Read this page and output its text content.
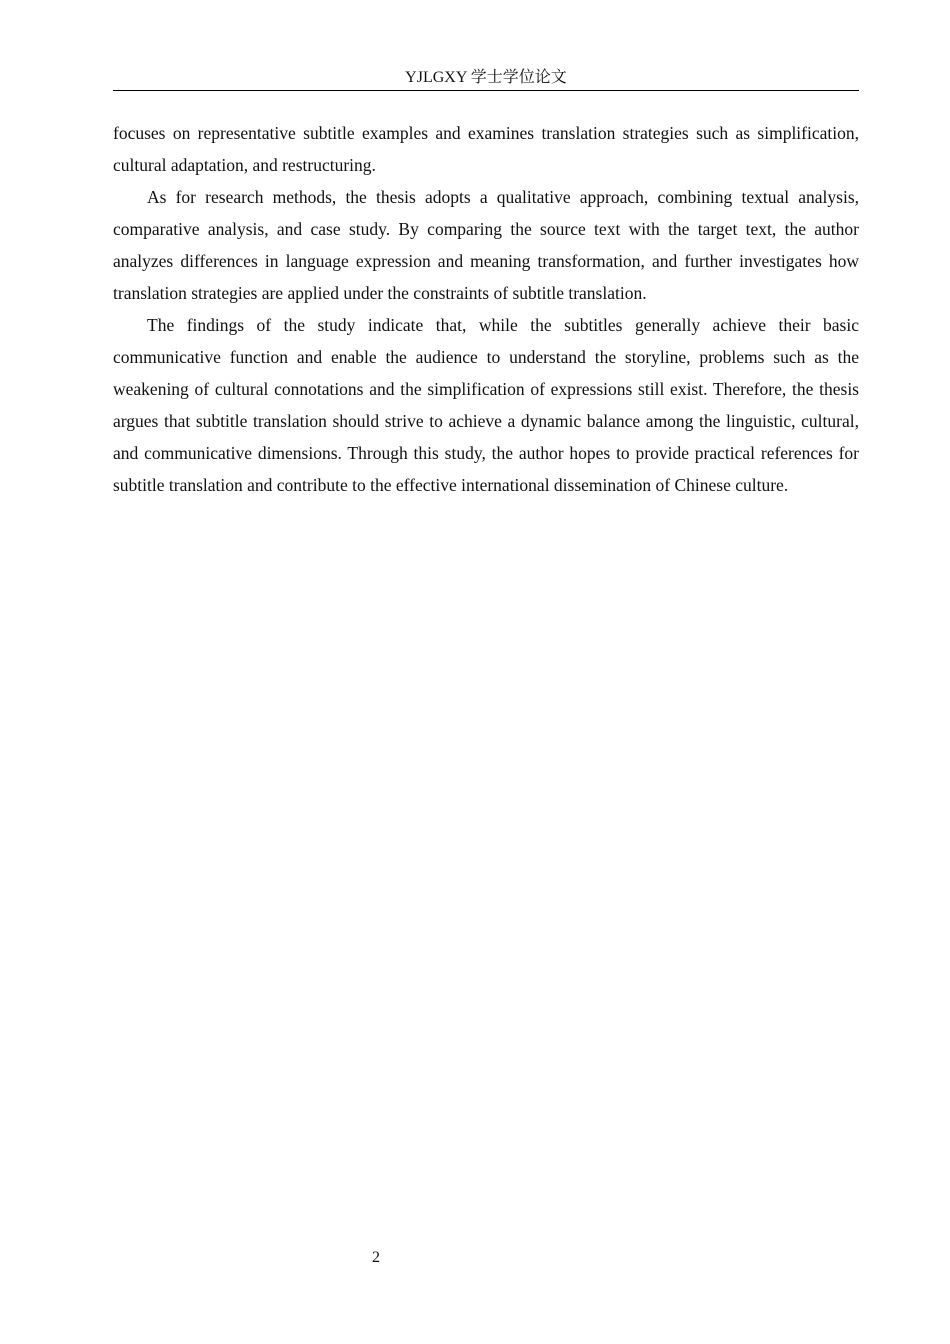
YJLGXY 学士学位论文

focuses on representative subtitle examples and examines translation strategies such as simplification, cultural adaptation, and restructuring.

As for research methods, the thesis adopts a qualitative approach, combining textual analysis, comparative analysis, and case study. By comparing the source text with the target text, the author analyzes differences in language expression and meaning transformation, and further investigates how translation strategies are applied under the constraints of subtitle translation.

The findings of the study indicate that, while the subtitles generally achieve their basic communicative function and enable the audience to understand the storyline, problems such as the weakening of cultural connotations and the simplification of expressions still exist. Therefore, the thesis argues that subtitle translation should strive to achieve a dynamic balance among the linguistic, cultural, and communicative dimensions. Through this study, the author hopes to provide practical references for subtitle translation and contribute to the effective international dissemination of Chinese culture.

2
